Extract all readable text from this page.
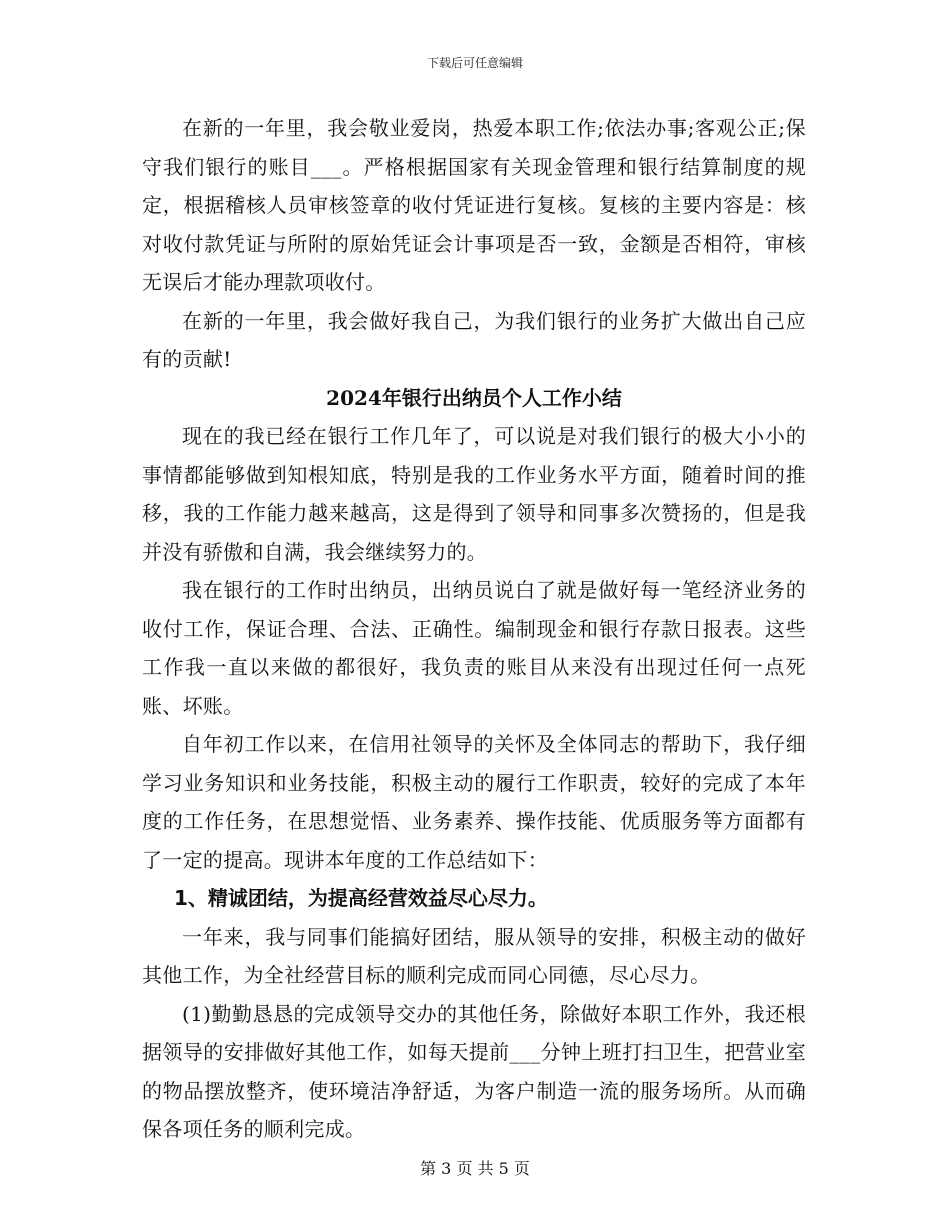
下载后可任意编辑

在新的一年里，我会敬业爱岗，热爱本职工作;依法办事;客观公正;保守我们银行的账目___。严格根据国家有关现金管理和银行结算制度的规定，根据稽核人员审核签章的收付凭证进行复核。复核的主要内容是：核对收付款凭证与所附的原始凭证会计事项是否一致，金额是否相符，审核无误后才能办理款项收付。

在新的一年里，我会做好我自己，为我们银行的业务扩大做出自己应有的贡献!

2024年银行出纳员个人工作小结

现在的我已经在银行工作几年了，可以说是对我们银行的极大小小的事情都能够做到知根知底，特别是我的工作业务水平方面，随着时间的推移，我的工作能力越来越高，这是得到了领导和同事多次赞扬的，但是我并没有骄傲和自满，我会继续努力的。

我在银行的工作时出纳员，出纳员说白了就是做好每一笔经济业务的收付工作，保证合理、合法、正确性。编制现金和银行存款日报表。这些工作我一直以来做的都很好，我负责的账目从来没有出现过任何一点死账、坏账。

自年初工作以来，在信用社领导的关怀及全体同志的帮助下，我仔细学习业务知识和业务技能，积极主动的履行工作职责，较好的完成了本年度的工作任务，在思想觉悟、业务素养、操作技能、优质服务等方面都有了一定的提高。现讲本年度的工作总结如下：

1、精诚团结，为提高经营效益尽心尽力。

一年来，我与同事们能搞好团结，服从领导的安排，积极主动的做好其他工作，为全社经营目标的顺利完成而同心同德，尽心尽力。

(1)勤勤恳恳的完成领导交办的其他任务，除做好本职工作外，我还根据领导的安排做好其他工作，如每天提前___分钟上班打扫卫生，把营业室的物品摆放整齐，使环境洁净舒适，为客户制造一流的服务场所。从而确保各项任务的顺利完成。

第 3 页 共 5 页
